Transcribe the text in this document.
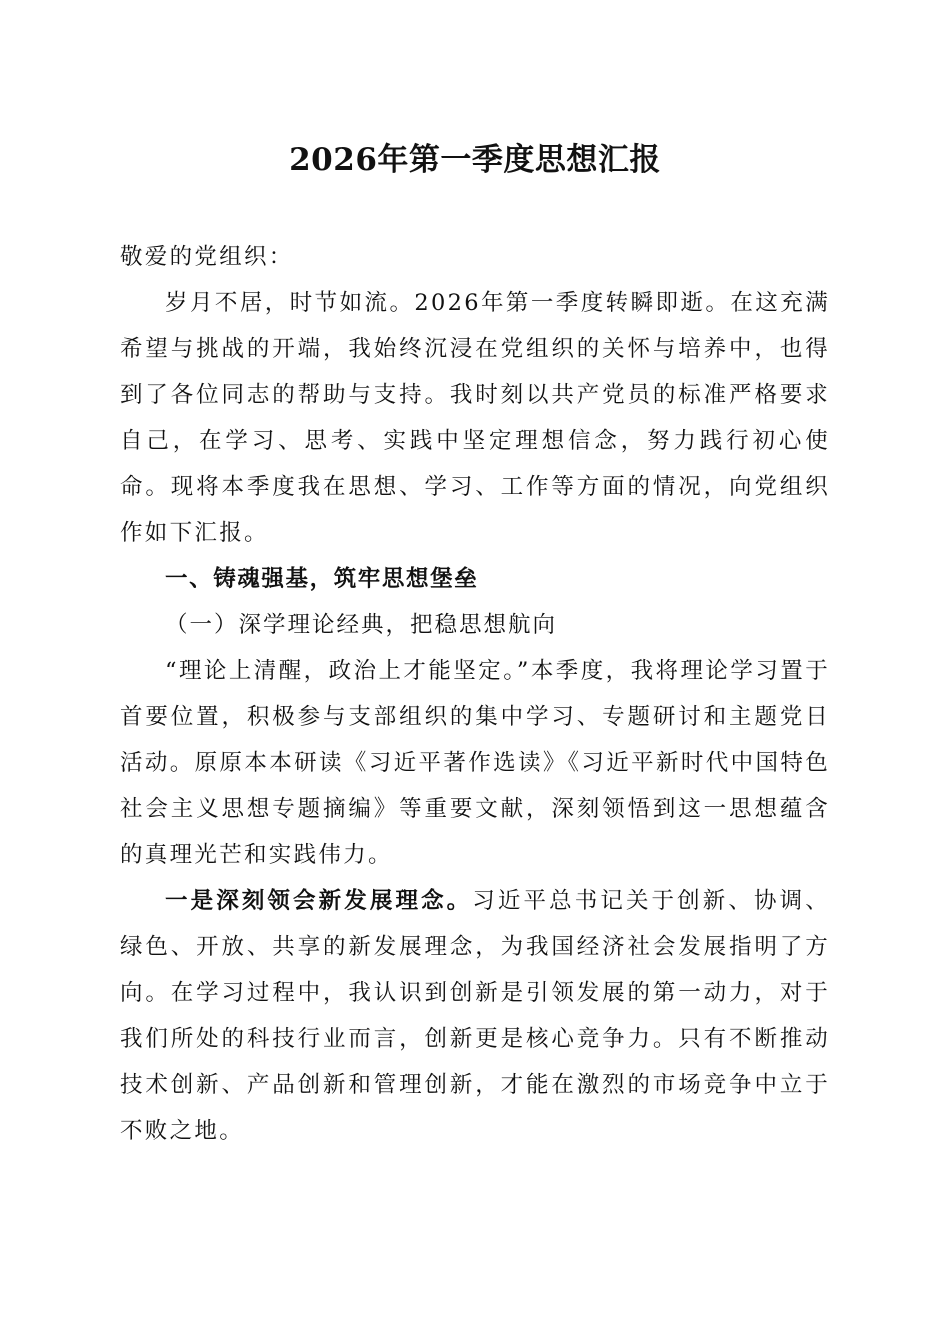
2026年第一季度思想汇报

敬爱的党组织：

岁月不居，时节如流。2026年第一季度转瞬即逝。在这充满希望与挑战的开端，我始终沉浸在党组织的关怀与培养中，也得到了各位同志的帮助与支持。我时刻以共产党员的标准严格要求自己，在学习、思考、实践中坚定理想信念，努力践行初心使命。现将本季度我在思想、学习、工作等方面的情况，向党组织作如下汇报。

一、铸魂强基，筑牢思想堡垒

（一）深学理论经典，把稳思想航向

“理论上清醒，政治上才能坚定。”本季度，我将理论学习置于首要位置，积极参与支部组织的集中学习、专题研讨和主题党日活动。原原本本研读《习近平著作选读》《习近平新时代中国特色社会主义思想专题摘编》等重要文献，深刻领悟到这一思想蕴含的真理光芒和实践伟力。

一是深刻领会新发展理念。习近平总书记关于创新、协调、绿色、开放、共享的新发展理念，为我国经济社会发展指明了方向。在学习过程中，我认识到创新是引领发展的第一动力，对于我们所处的科技行业而言，创新更是核心竞争力。只有不断推动技术创新、产品创新和管理创新，才能在激烈的市场竞争中立于不败之地。
